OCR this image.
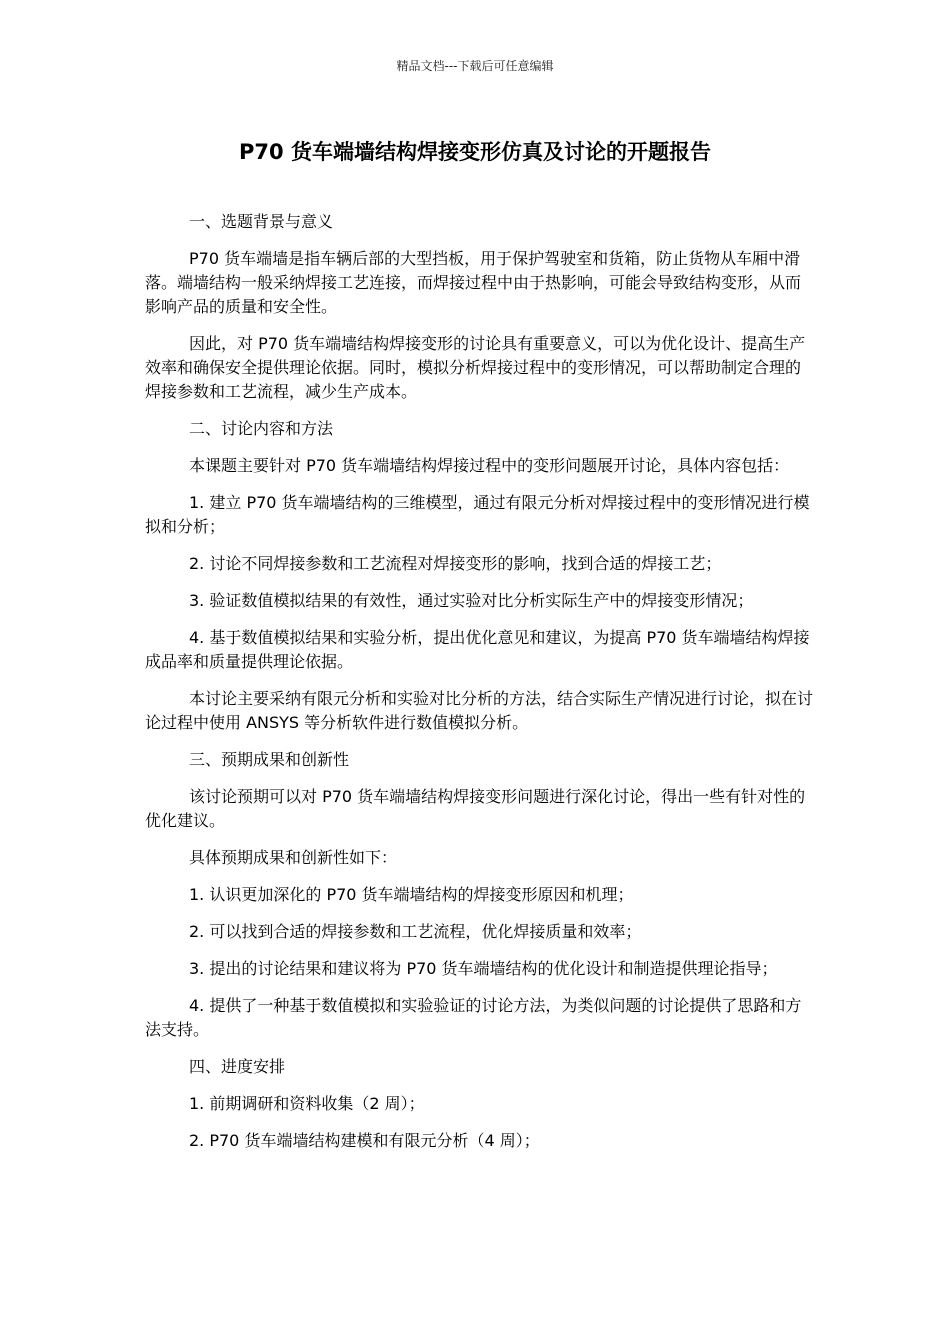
精品文档---下载后可任意编辑
P70 货车端墙结构焊接变形仿真及讨论的开题报告

一、选题背景与意义

P70 货车端墙是指车辆后部的大型挡板，用于保护驾驶室和货箱，防止货物从车厢中滑落。端墙结构一般采纳焊接工艺连接，而焊接过程中由于热影响，可能会导致结构变形，从而影响产品的质量和安全性。

因此，对 P70 货车端墙结构焊接变形的讨论具有重要意义，可以为优化设计、提高生产效率和确保安全提供理论依据。同时，模拟分析焊接过程中的变形情况，可以帮助制定合理的焊接参数和工艺流程，减少生产成本。

二、讨论内容和方法

本课题主要针对 P70 货车端墙结构焊接过程中的变形问题展开讨论，具体内容包括：

1. 建立 P70 货车端墙结构的三维模型，通过有限元分析对焊接过程中的变形情况进行模拟和分析；

2. 讨论不同焊接参数和工艺流程对焊接变形的影响，找到合适的焊接工艺；

3. 验证数值模拟结果的有效性，通过实验对比分析实际生产中的焊接变形情况；

4. 基于数值模拟结果和实验分析，提出优化意见和建议，为提高 P70 货车端墙结构焊接成品率和质量提供理论依据。

本讨论主要采纳有限元分析和实验对比分析的方法，结合实际生产情况进行讨论，拟在讨论过程中使用 ANSYS 等分析软件进行数值模拟分析。

三、预期成果和创新性

该讨论预期可以对 P70 货车端墙结构焊接变形问题进行深化讨论，得出一些有针对性的优化建议。

具体预期成果和创新性如下：

1. 认识更加深化的 P70 货车端墙结构的焊接变形原因和机理；

2. 可以找到合适的焊接参数和工艺流程，优化焊接质量和效率；

3. 提出的讨论结果和建议将为 P70 货车端墙结构的优化设计和制造提供理论指导；

4. 提供了一种基于数值模拟和实验验证的讨论方法，为类似问题的讨论提供了思路和方法支持。

四、进度安排

1. 前期调研和资料收集（2 周）；

2. P70 货车端墙结构建模和有限元分析（4 周）；
